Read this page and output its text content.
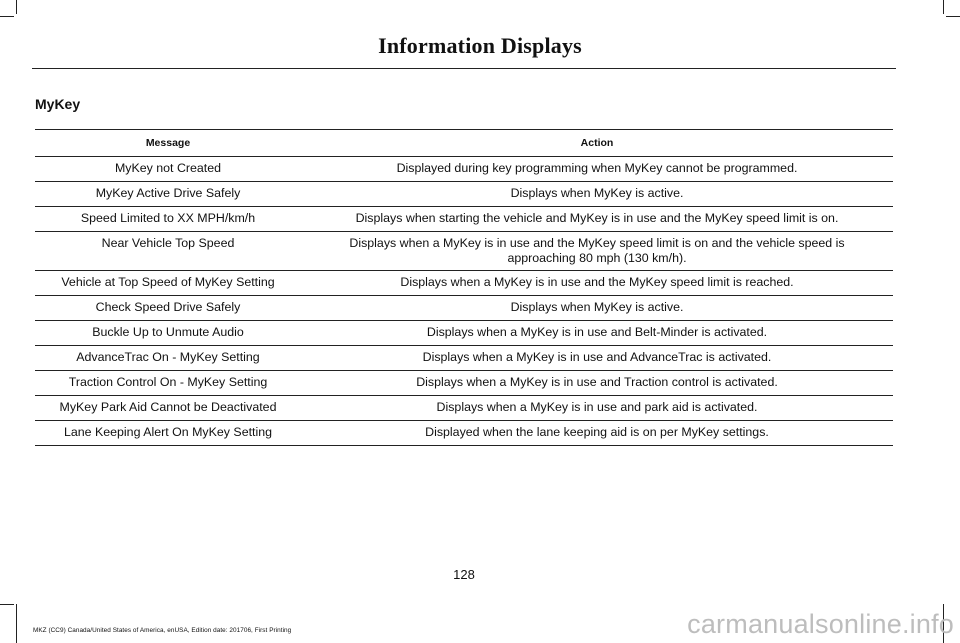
Information Displays
MyKey
Message	Action
MyKey not Created	Displayed during key programming when MyKey cannot be programmed.
MyKey Active Drive Safely	Displays when MyKey is active.
Speed Limited to XX MPH/km/h	Displays when starting the vehicle and MyKey is in use and the MyKey speed limit is on.
Near Vehicle Top Speed	Displays when a MyKey is in use and the MyKey speed limit is on and the vehicle speed is approaching 80 mph (130 km/h).
Vehicle at Top Speed of MyKey Setting	Displays when a MyKey is in use and the MyKey speed limit is reached.
Check Speed Drive Safely	Displays when MyKey is active.
Buckle Up to Unmute Audio	Displays when a MyKey is in use and Belt-Minder is activated.
AdvanceTrac On - MyKey Setting	Displays when a MyKey is in use and AdvanceTrac is activated.
Traction Control On - MyKey Setting	Displays when a MyKey is in use and Traction control is activated.
MyKey Park Aid Cannot be Deactivated	Displays when a MyKey is in use and park aid is activated.
Lane Keeping Alert On MyKey Setting	Displayed when the lane keeping aid is on per MyKey settings.
128
MKZ (CC9) Canada/United States of America, enUSA, Edition date: 201706, First Printing	carmanualsonline.info
